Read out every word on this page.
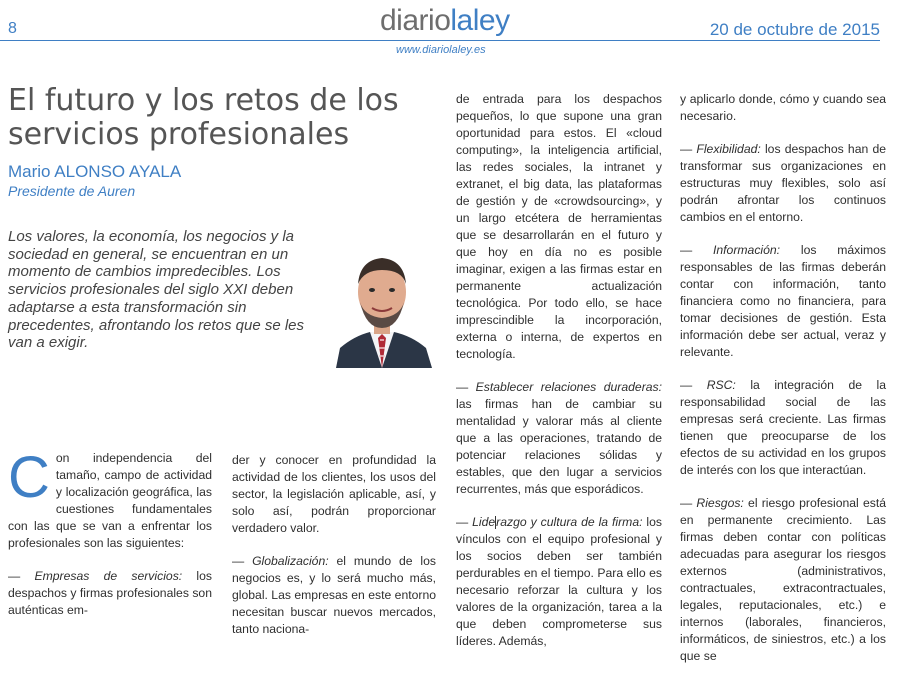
8	diariolaley	20 de octubre de 2015
www.diariolaley.es
El futuro y los retos de los servicios profesionales
Mario ALONSO AYALA
Presidente de Auren

Los valores, la economía, los negocios y la sociedad en general, se encuentran en un momento de cambios impredecibles. Los servicios profesionales del siglo XXI deben adaptarse a esta transformación sin precedentes, afrontando los retos que se les van a exigir.

Con independencia del tamaño, campo de actividad y localización geográfica, las cuestiones fundamentales con las que se van a enfrentar los profesionales son las siguientes:

— Empresas de servicios: los despachos y firmas profesionales son auténticas em-

der y conocer en profundidad la actividad de los clientes, los usos del sector, la legislación aplicable, así, y solo así, podrán proporcionar verdadero valor.

— Globalización: el mundo de los negocios es, y lo será mucho más, global. Las empresas en este entorno necesitan buscar nuevos mercados, tanto naciona-

de entrada para los despachos pequeños, lo que supone una gran oportunidad para estos. El «cloud computing», la inteligencia artificial, las redes sociales, la intranet y extranet, el big data, las plataformas de gestión y de «crowdsourcing», y un largo etcétera de herramientas que se desarrollarán en el futuro y que hoy en día no es posible imaginar, exigen a las firmas estar en permanente actualización tecnológica. Por todo ello, se hace imprescindible la incorporación, externa o interna, de expertos en tecnología.

— Establecer relaciones duraderas: las firmas han de cambiar su mentalidad y valorar más al cliente que a las operaciones, tratando de potenciar relaciones sólidas y estables, que den lugar a servicios recurrentes, más que esporádicos.

— Liderazgo y cultura de la firma: los vínculos con el equipo profesional y los socios deben ser también perdurables en el tiempo. Para ello es necesario reforzar la cultura y los valores de la organización, tarea a la que deben comprometerse sus líderes. Además,

y aplicarlo donde, cómo y cuando sea necesario.

— Flexibilidad: los despachos han de transformar sus organizaciones en estructuras muy flexibles, solo así podrán afrontar los continuos cambios en el entorno.

— Información: los máximos responsables de las firmas deberán contar con información, tanto financiera como no financiera, para tomar decisiones de gestión. Esta información debe ser actual, veraz y relevante.

— RSC: la integración de la responsabilidad social de las empresas será creciente. Las firmas tienen que preocuparse de los efectos de su actividad en los grupos de interés con los que interactúan.

— Riesgos: el riesgo profesional está en permanente crecimiento. Las firmas deben contar con políticas adecuadas para asegurar los riesgos externos (administrativos, contractuales, extracontractuales, legales, reputacionales, etc.) e internos (laborales, financieros, informáticos, de siniestros, etc.) a los que se
